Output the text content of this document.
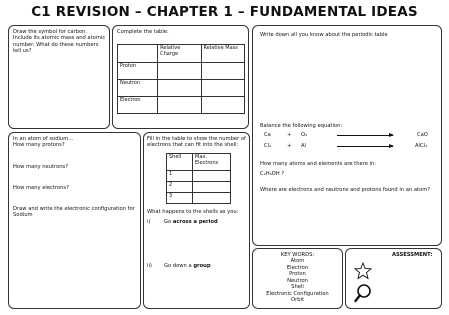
C1 REVISION – CHAPTER 1 – FUNDAMENTAL IDEAS
Draw the symbol for carbon. Include its atomic mass and atomic number. What do these numbers tell us?
Complete the table:
	Relative Charge	Relative Mass
Proton		
Neutron		
Electron		
Write down all you know about the periodic table
Balance the following equation:
Ca	+ O₂	CaO
Cl₂	+ Al	AlCl₃
How many atoms and elements are there in:
C₂H₅OH ?
Where are electrons and neutrons and protons found in an atom?
In an atom of sodium…
How many protons?
How many neutrons?
How many electrons?
Draw and write the electronic configuration for Sodium
Fill in the table to show the number of electrons that can fit into the shell:
Shell	Max. Electrons
1	
2	
3	
What happens to the shells as you:
i)	Go across a period
ii) Go down a group
KEY WORDS:
Atom
Electron
Proton
Neutron
Shell
Electronic Configuration
Orbit
ASSESSMENT:
